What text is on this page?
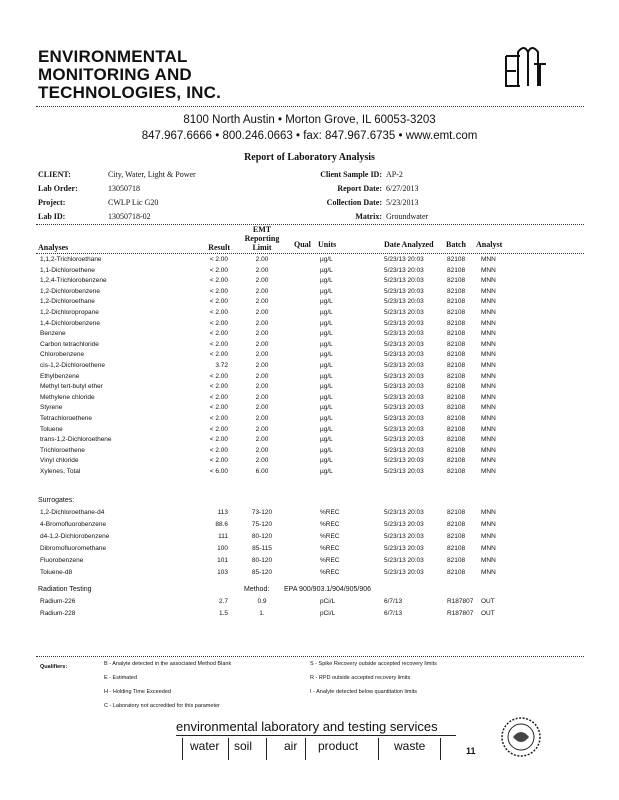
ENVIRONMENTAL
MONITORING AND
TECHNOLOGIES, INC.
8100 North Austin • Morton Grove, IL 60053-3203
847.967.6666 • 800.246.0663 • fax: 847.967.6735 • www.emt.com
Report of Laboratory Analysis
CLIENT:	City, Water, Light & Power
Lab Order:	13050718
Project:	CWLP Lic G20
Lab ID:	13050718-02
Client Sample ID: AP-2
Report Date: 6/27/2013
Collection Date: 5/23/2013
Matrix: Groundwater
EMT
Reporting
Analyses	Result	Limit	Qual Units	Date Analyzed Batch Analyst
1,1,2-Trichloroethane	< 2.00	2.00	µg/L	5/23/13 20:03	82108 MNN
1,1-Dichloroethene	< 2.00	2.00	µg/L	5/23/13 20:03	82108 MNN
1,2,4-Trichlorobenzene	< 2.00	2.00	µg/L	5/23/13 20:03	82108 MNN
1,2-Dichlorobenzene	< 2.00	2.00	µg/L	5/23/13 20:03	82108 MNN
1,2-Dichloroethane	< 2.00	2.00	µg/L	5/23/13 20:03	82108 MNN
1,2-Dichloropropane	< 2.00	2.00	µg/L	5/23/13 20:03	82108 MNN
1,4-Dichlorobenzene	< 2.00	2.00	µg/L	5/23/13 20:03	82108 MNN
Benzene	< 2.00	2.00	µg/L	5/23/13 20:03	82108 MNN
Carbon tetrachloride	< 2.00	2.00	µg/L	5/23/13 20:03	82108 MNN
Chlorobenzene	< 2.00	2.00	µg/L	5/23/13 20:03	82108 MNN
cis-1,2-Dichloroethene	3.72	2.00	µg/L	5/23/13 20:03	82108 MNN
Ethylbenzene	< 2.00	2.00	µg/L	5/23/13 20:03	82108 MNN
Methyl tert-butyl ether	< 2.00	2.00	µg/L	5/23/13 20:03	82108 MNN
Methylene chloride	< 2.00	2.00	µg/L	5/23/13 20:03	82108 MNN
Styrene	< 2.00	2.00	µg/L	5/23/13 20:03	82108 MNN
Tetrachloroethene	< 2.00	2.00	µg/L	5/23/13 20:03	82108 MNN
Toluene	< 2.00	2.00	µg/L	5/23/13 20:03	82108 MNN
trans-1,2-Dichloroethene	< 2.00	2.00	µg/L	5/23/13 20:03	82108 MNN
Trichloroethene	< 2.00	2.00	µg/L	5/23/13 20:03	82108 MNN
Vinyl chloride	< 2.00	2.00	µg/L	5/23/13 20:03	82108 MNN
Xylenes, Total	< 6.00	6.00	µg/L	5/23/13 20:03	82108 MNN
Surrogates:
1,2-Dichloroethane-d4	113	73-120	%REC	5/23/13 20:03	82108 MNN
4-Bromofluorobenzene	88.6	75-120	%REC	5/23/13 20:03	82108 MNN
d4-1,2-Dichlorobenzene	111	80-120	%REC	5/23/13 20:03	82108 MNN
Dibromofluoromethane	100	85-115	%REC	5/23/13 20:03	82108 MNN
Fluorobenzene	101	80-120	%REC	5/23/13 20:03	82108 MNN
Toluene-d8	103	85-120	%REC	5/23/13 20:03	82108 MNN
Radiation Testing	Method: EPA 900/903.1/904/905/906
Radium-226	2.7	0.9	pCi/L	6/7/13	R187807 OUT
Radium-228	1.5	1.	pCi/L	6/7/13	R187807 OUT
Qualifiers:	B - Analyte detected in the associated Method Blank
E - Estimated
H - Holding Time Exceeded
C - Laboratory not accredited for this parameter
S - Spike Recovery outside accepted recovery limits
R - RPD outside accepted recovery limits
I - Analyte detected below quantitation limits
environmental laboratory and testing services
water soil	air product	waste	11
